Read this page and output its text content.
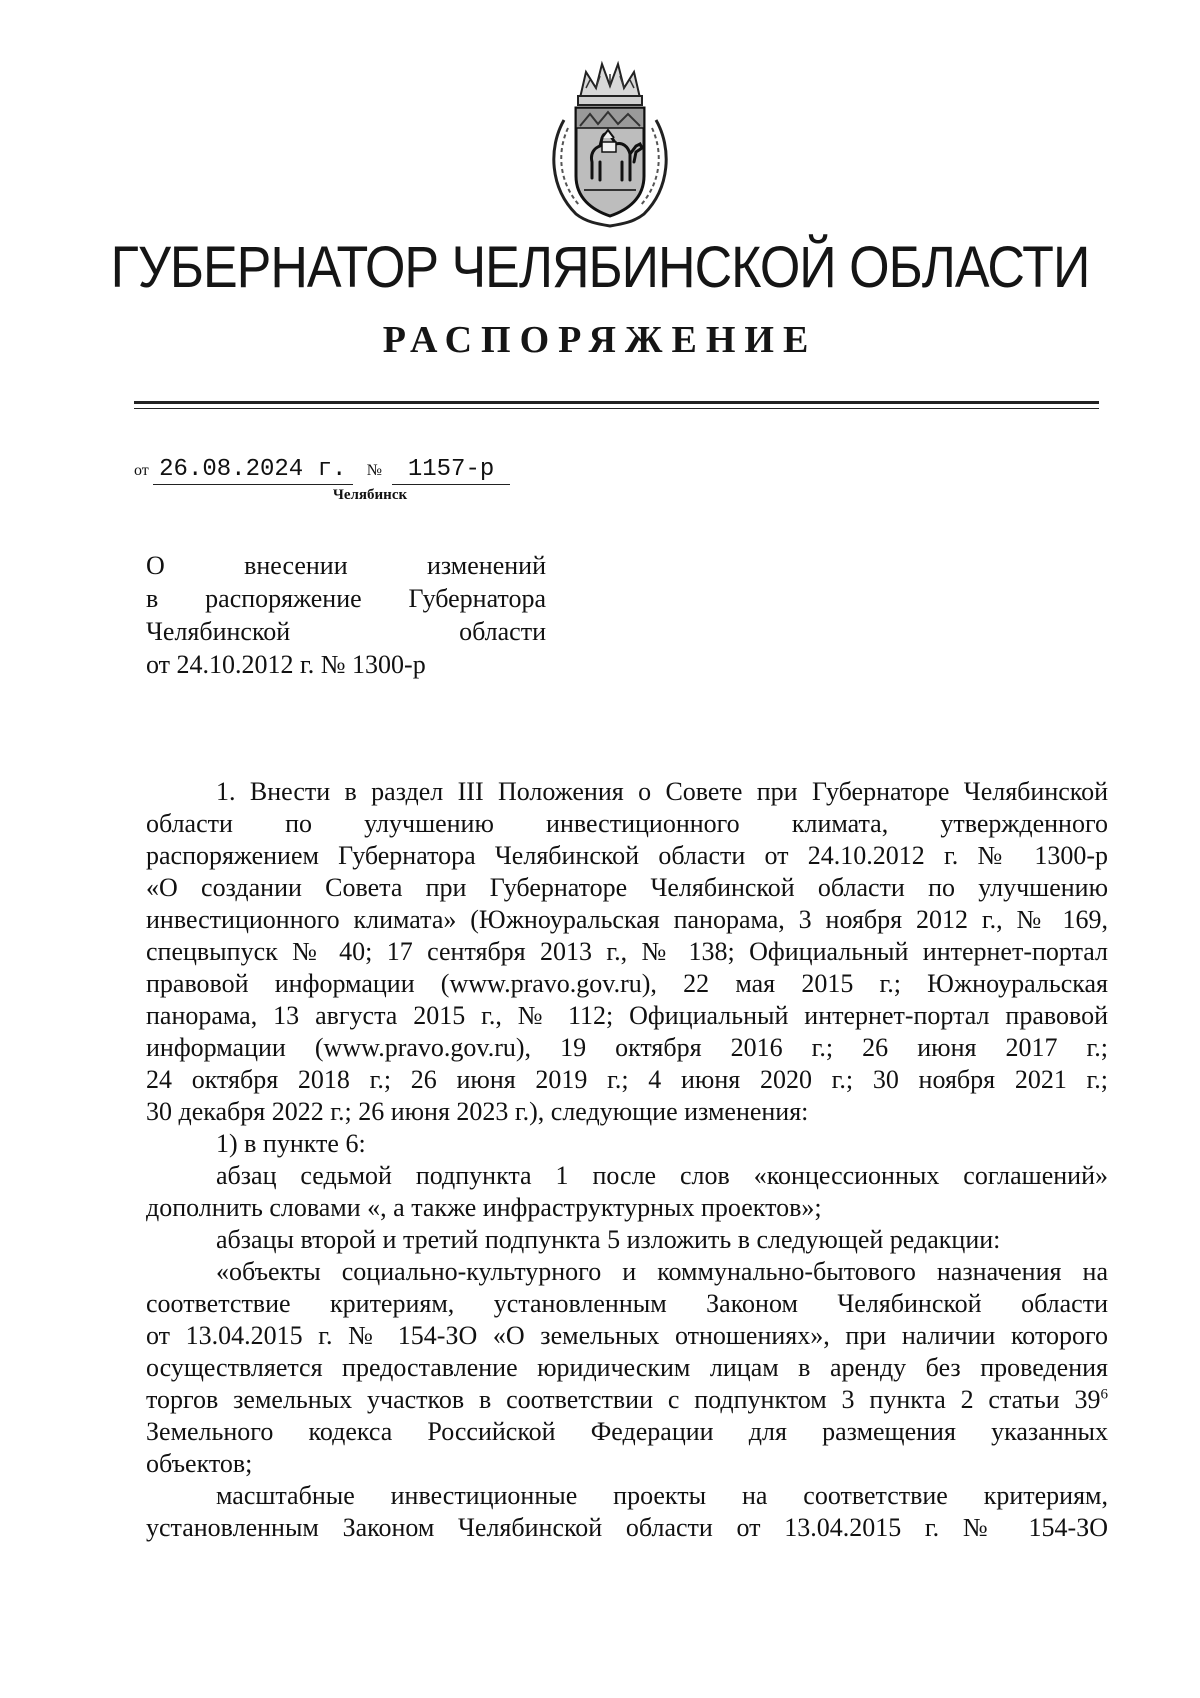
ГУБЕРНАТОР ЧЕЛЯБИНСКОЙ ОБЛАСТИ
РАСПОРЯЖЕНИЕ
от 26.08.2024 г. № 1157-р
Челябинск
О внесении изменений
в распоряжение Губернатора
Челябинской области
от 24.10.2012 г. № 1300-р
1. Внести в раздел III Положения о Совете при Губернаторе Челябинской
области по улучшению инвестиционного климата, утвержденного
распоряжением Губернатора Челябинской области от 24.10.2012 г. № 1300-р
«О создании Совета при Губернаторе Челябинской области по улучшению
инвестиционного климата» (Южноуральская панорама, 3 ноября 2012 г., № 169,
спецвыпуск № 40; 17 сентября 2013 г., № 138; Официальный интернет-портал
правовой информации (www.pravo.gov.ru), 22 мая 2015 г.; Южноуральская
панорама, 13 августа 2015 г., № 112; Официальный интернет-портал правовой
информации (www.pravo.gov.ru), 19 октября 2016 г.; 26 июня 2017 г.;
24 октября 2018 г.; 26 июня 2019 г.; 4 июня 2020 г.; 30 ноября 2021 г.;
30 декабря 2022 г.; 26 июня 2023 г.), следующие изменения:
1) в пункте 6:
абзац седьмой подпункта 1 после слов «концессионных соглашений»
дополнить словами «, а также инфраструктурных проектов»;
абзацы второй и третий подпункта 5 изложить в следующей редакции:
«объекты социально-культурного и коммунально-бытового назначения на
соответствие критериям, установленным Законом Челябинской области
от 13.04.2015 г. № 154-ЗО «О земельных отношениях», при наличии которого
осуществляется предоставление юридическим лицам в аренду без проведения
торгов земельных участков в соответствии с подпунктом 3 пункта 2 статьи $39^6$
Земельного кодекса Российской Федерации для размещения указанных
объектов;
масштабные инвестиционные проекты на соответствие критериям,
установленным Законом Челябинской области от 13.04.2015 г. № 154-ЗО
